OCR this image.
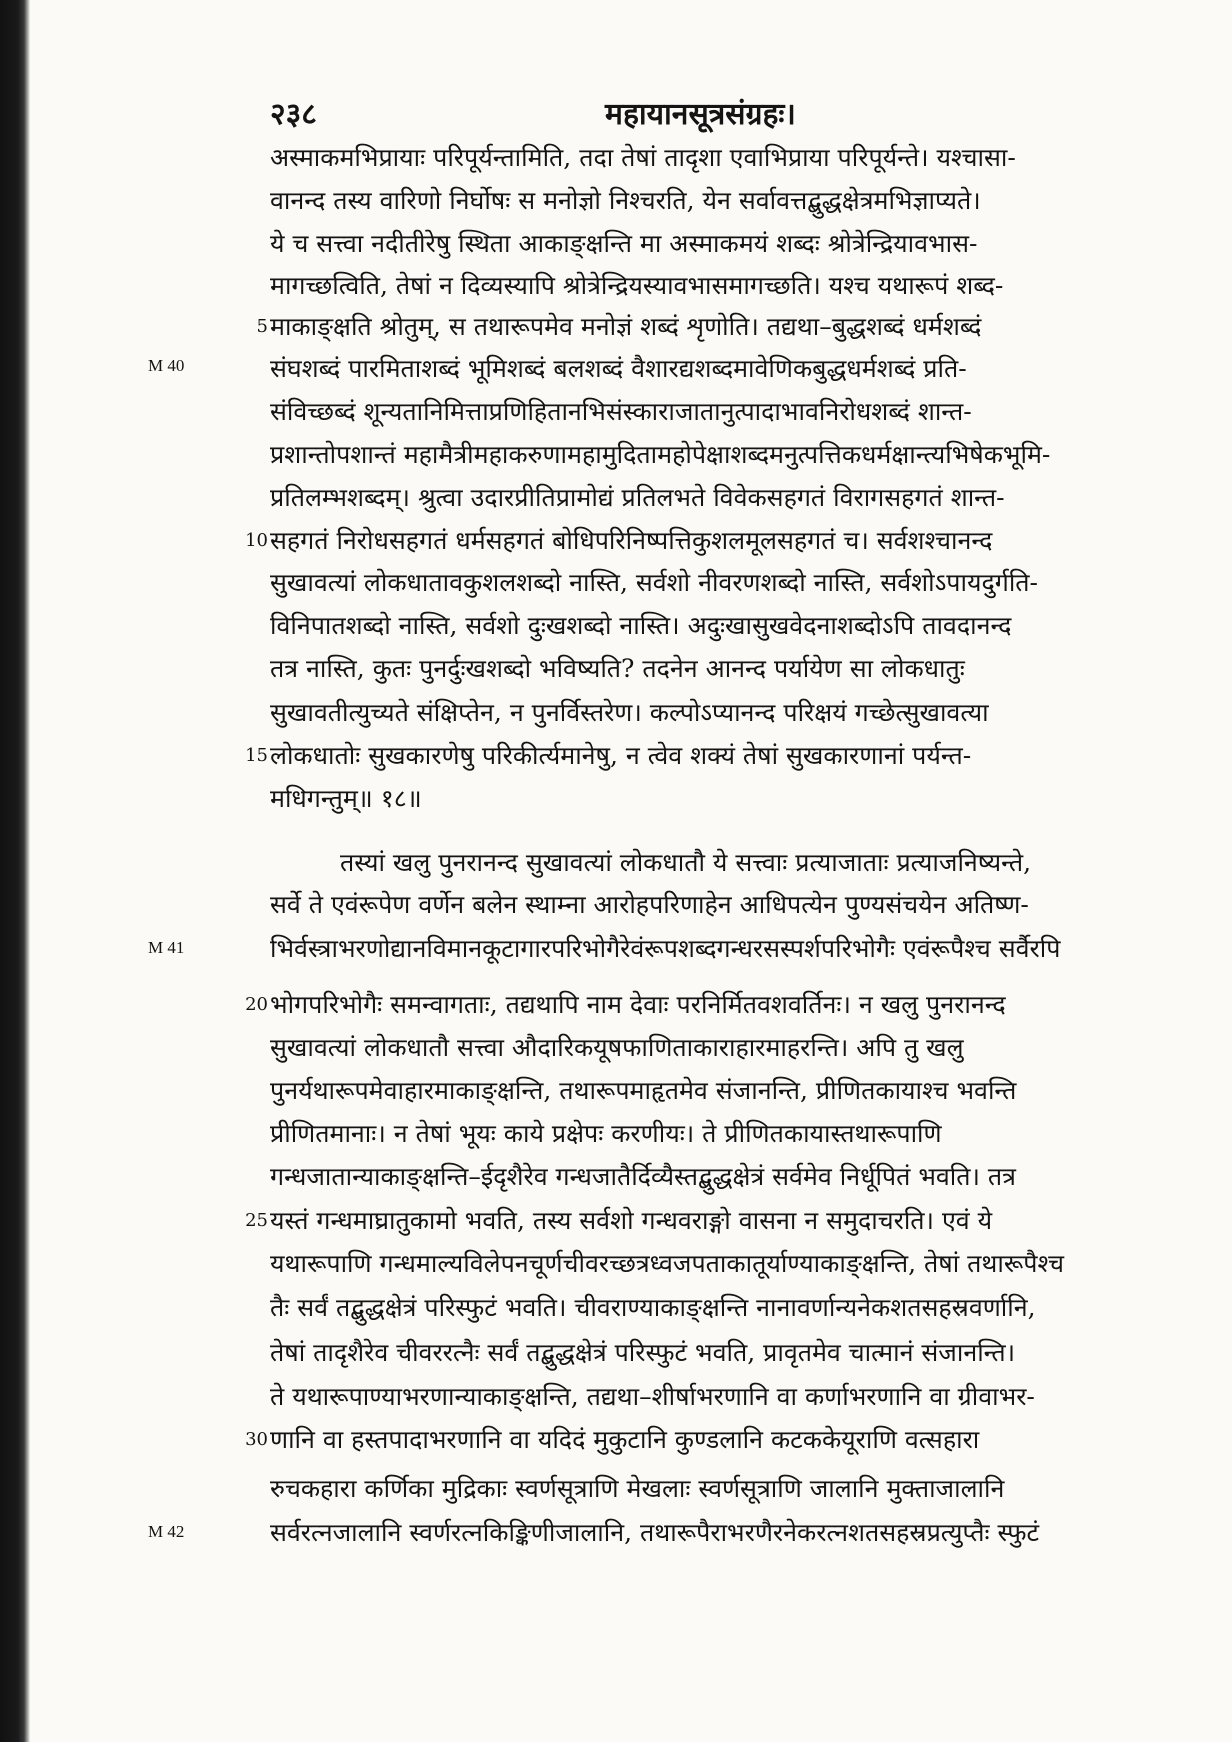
२३८	महायानसूत्रसंग्रहः।
M 40
M 41
M 42
5
10
15
20
25
30
अस्माकमभिप्रायाः परिपूर्यन्तामिति, तदा तेषां तादृशा एवाभिप्राया परिपूर्यन्ते। यश्चासा-
वानन्द तस्य वारिणो निर्घोषः स मनोज्ञो निश्चरति, येन सर्वावत्तद्बुद्धक्षेत्रमभिज्ञाप्यते।
ये च सत्त्वा नदीतीरेषु स्थिता आकाङ्क्षन्ति मा अस्माकमयं शब्दः श्रोत्रेन्द्रियावभास-
मागच्छत्विति, तेषां न दिव्यस्यापि श्रोत्रेन्द्रियस्यावभासमागच्छति। यश्च यथारूपं शब्द-
माकाङ्क्षति श्रोतुम्, स तथारूपमेव मनोज्ञं शब्दं शृणोति। तद्यथा–बुद्धशब्दं धर्मशब्दं
संघशब्दं पारमिताशब्दं भूमिशब्दं बलशब्दं वैशारद्यशब्दमावेणिकबुद्धधर्मशब्दं प्रति-
संविच्छब्दं शून्यतानिमित्ताप्रणिहितानभिसंस्काराजातानुत्पादाभावनिरोधशब्दं शान्त-
प्रशान्तोपशान्तं महामैत्रीमहाकरुणामहामुदितामहोपेक्षाशब्दमनुत्पत्तिकधर्मक्षान्त्यभिषेकभूमि-
प्रतिलम्भशब्दम्। श्रुत्वा उदारप्रीतिप्रामोद्यं प्रतिलभते विवेकसहगतं विरागसहगतं शान्त-
सहगतं निरोधसहगतं धर्मसहगतं बोधिपरिनिष्पत्तिकुशलमूलसहगतं च। सर्वशश्चानन्द
सुखावत्यां लोकधातावकुशलशब्दो नास्ति, सर्वशो नीवरणशब्दो नास्ति, सर्वशोऽपायदुर्गति-
विनिपातशब्दो नास्ति, सर्वशो दुःखशब्दो नास्ति। अदुःखासुखवेदनाशब्दोऽपि तावदानन्द
तत्र नास्ति, कुतः पुनर्दुःखशब्दो भविष्यति? तदनेन आनन्द पर्यायेण सा लोकधातुः
सुखावतीत्युच्यते संक्षिप्तेन, न पुनर्विस्तरेण। कल्पोऽप्यानन्द परिक्षयं गच्छेत्सुखावत्या
लोकधातोः सुखकारणेषु परिकीर्त्यमानेषु, न त्वेव शक्यं तेषां सुखकारणानां पर्यन्त-
मधिगन्तुम्॥ १८॥
तस्यां खलु पुनरानन्द सुखावत्यां लोकधातौ ये सत्त्वाः प्रत्याजाताः प्रत्याजनिष्यन्ते,
सर्वे ते एवंरूपेण वर्णेन बलेन स्थाम्ना आरोहपरिणाहेन आधिपत्येन पुण्यसंचयेन अतिष्ण-
भिर्वस्त्राभरणोद्यानविमानकूटागारपरिभोगैरेवंरूपशब्दगन्धरसस्पर्शपरिभोगैः एवंरूपैश्च सर्वैरपि
भोगपरिभोगैः समन्वागताः, तद्यथापि नाम देवाः परनिर्मितवशवर्तिनः। न खलु पुनरानन्द
सुखावत्यां लोकधातौ सत्त्वा औदारिकयूषफाणिताकाराहारमाहरन्ति। अपि तु खलु
पुनर्यथारूपमेवाहारमाकाङ्क्षन्ति, तथारूपमाहृतमेव संजानन्ति, प्रीणितकायाश्च भवन्ति
प्रीणितमानाः। न तेषां भूयः काये प्रक्षेपः करणीयः। ते प्रीणितकायास्तथारूपाणि
गन्धजातान्याकाङ्क्षन्ति–ईदृशैरेव गन्धजातैर्दिव्यैस्तद्बुद्धक्षेत्रं सर्वमेव निर्धूपितं भवति। तत्र
यस्तं गन्धमाघ्रातुकामो भवति, तस्य सर्वशो गन्धवराङ्गो वासना न समुदाचरति। एवं ये
यथारूपाणि गन्धमाल्यविलेपनचूर्णचीवरच्छत्रध्वजपताकातूर्याण्याकाङ्क्षन्ति, तेषां तथारूपैश्च
तैः सर्वं तद्बुद्धक्षेत्रं परिस्फुटं भवति। चीवराण्याकाङ्क्षन्ति नानावर्णान्यनेकशतसहस्रवर्णानि,
तेषां तादृशैरेव चीवररत्नैः सर्वं तद्बुद्धक्षेत्रं परिस्फुटं भवति, प्रावृतमेव चात्मानं संजानन्ति।
ते यथारूपाण्याभरणान्याकाङ्क्षन्ति, तद्यथा–शीर्षाभरणानि वा कर्णाभरणानि वा ग्रीवाभर-
णानि वा हस्तपादाभरणानि वा यदिदं मुकुटानि कुण्डलानि कटककेयूराणि वत्सहारा
रुचकहारा कर्णिका मुद्रिकाः स्वर्णसूत्राणि मेखलाः स्वर्णसूत्राणि जालानि मुक्ताजालानि
सर्वरत्नजालानि स्वर्णरत्नकिङ्किणीजालानि, तथारूपैराभरणैरनेकरत्नशतसहस्रप्रत्युप्तैः स्फुटं
